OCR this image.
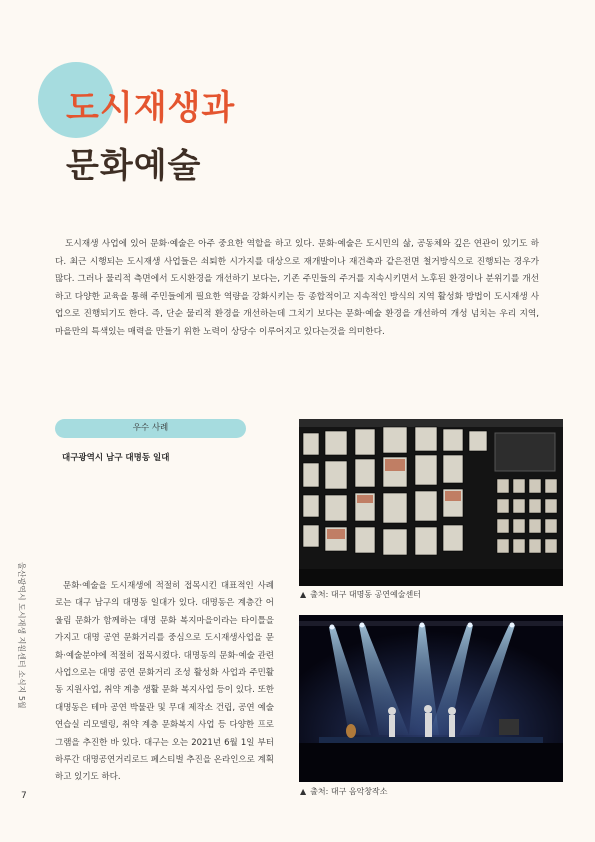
도시재생과
문화예술

도시재생 사업에 있어 문화·예술은 아주 중요한 역할을 하고 있다. 문화·예술은 도시민의 삶, 공동체와 깊은 연관이 있기도 하다. 최근 시행되는 도시재생 사업들은 쇠퇴한 시가지를 대상으로 재개발이나 재건축과 같은전면 철거방식으로 진행되는 경우가 많다. 그러나 물리적 측면에서 도시환경을 개선하기 보다는, 기존 주민들의 주거를 지속시키면서 노후된 환경이나 분위기를 개선하고 다양한 교육을 통해 주민들에게 필요한 역량을 강화시키는 등 종합적이고 지속적인 방식의 지역 활성화 방법이 도시재생 사업으로 진행되기도 한다. 즉, 단순 물리적 환경을 개선하는데 그치기 보다는 문화·예술 환경을 개선하여 개성 넘치는 우리 지역, 마을만의 특색있는 매력을 만들기 위한 노력이 상당수 이루어지고 있다는것을 의미한다.

우수 사례

대구광역시 남구 대명동 일대

문화·예술을 도시재생에 적절히 접목시킨 대표적인 사례로는 대구 남구의 대명동 일대가 있다. 대명동은 계층간 어울림 문화가 함께하는 대명 문화 복지마을이라는 타이틀을 가지고 대명 공연 문화거리를 중심으로 도시재생사업을 문화·예술분야에 적절히 접목시켰다. 대명동의 문화·예술 관련 사업으로는 대명 공연 문화거리 조성 활성화 사업과 주민활동 지원사업, 취약 계층 생활 문화 복지사업 등이 있다. 또한 대명동은 테마 공연 박물관 및 무대 제작소 건립, 공연 예술 연습실 리모델링, 취약 계층 문화복지 사업 등 다양한 프로그램을 추진한 바 있다. 대구는 오는 2021년 6월 1일 부터 하루간 대명공연거리로드 페스티벌 추진을 온라인으로 계획하고 있기도 하다.

울산광역시 도시재생 지원센터 소식지 5월
7
▲ 출처: 대구 대명동 공연예술센터
▲ 출처: 대구 음악창작소
